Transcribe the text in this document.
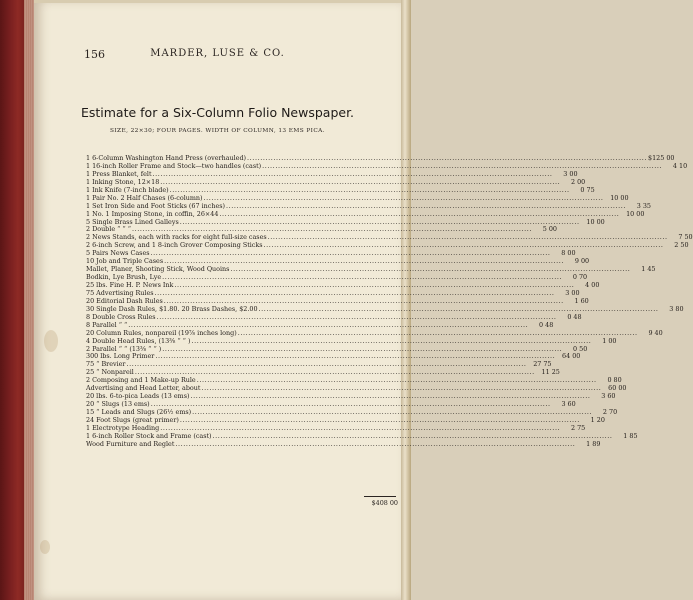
156	MARDER, LUSE & CO.
Estimate for a Six-Column Folio Newspaper.
SIZE, 22×30; FOUR PAGES. WIDTH OF COLUMN, 13 EMS PICA.
1 6-Column Washington Hand Press (overhauled) .....	$125 00
1 16-inch Roller Frame and Stock—two handles (cast) .....	4 10
1 Press Blanket, felt .....	3 00
1 Inking Stone, 12×18 .....	2 00
1 Ink Knife (7-inch blade) .....	0 75
1 Pair No. 2 Half Chases (6-column) .....	10 00
1 Set Iron Side and Foot Sticks (67 inches) .....	3 35
1 No. 1 Imposing Stone, in coffin, 26×44 .....	10 00
5 Single Brass Lined Galleys .....	10 00
2 Double “ “ “ .....	5 00
2 News Stands, each with racks for eight full-size cases .....	7 50
2 6-inch Screw, and 1 8-inch Grover Composing Sticks .....	2 50
5 Pairs News Cases .....	8 00
10 Job and Triple Cases .....	9 00
Mallet, Planer, Shooting Stick, Wood Quoins .....	1 45
Bodkin, Lye Brush, Lye .....	0 70
25 lbs. Fine H. P. News Ink .....	4 00
75 Advertising Rules .....	3 00
20 Editorial Dash Rules .....	1 60
30 Single Dash Rules, $1.80. 20 Brass Dashes, $2.00 .....	3 80
8 Double Cross Rules .....	0 48
8 Parallel “ “ .....	0 48
20 Column Rules, nonpareil (19⅞ inches long) .....	9 40
4 Double Head Rules, (13⅜ “ “ ) .....	1 00
2 Parallel “ “ (13⅜ “ “ ) .....	0 50
300 lbs. Long Primer .....	64 00
75 “ Brevier .....	27 75
25 “ Nonpareil .....	11 25
2 Composing and 1 Make-up Rule .....	0 80
Advertising and Head Letter, about .....	60 00
20 lbs. 6-to-pica Leads (13 ems) .....	3 60
20 “ Slugs (13 ems) .....	3 60
15 “ Leads and Slugs (26½ ems) .....	2 70
24 Foot Slugs (great primer) .....	1 20
1 Electrotype Heading .....	2 75
1 6-inch Roller Stock and Frame (cast) .....	1 85
Wood Furniture and Reglet .....	1 89
$408 00
